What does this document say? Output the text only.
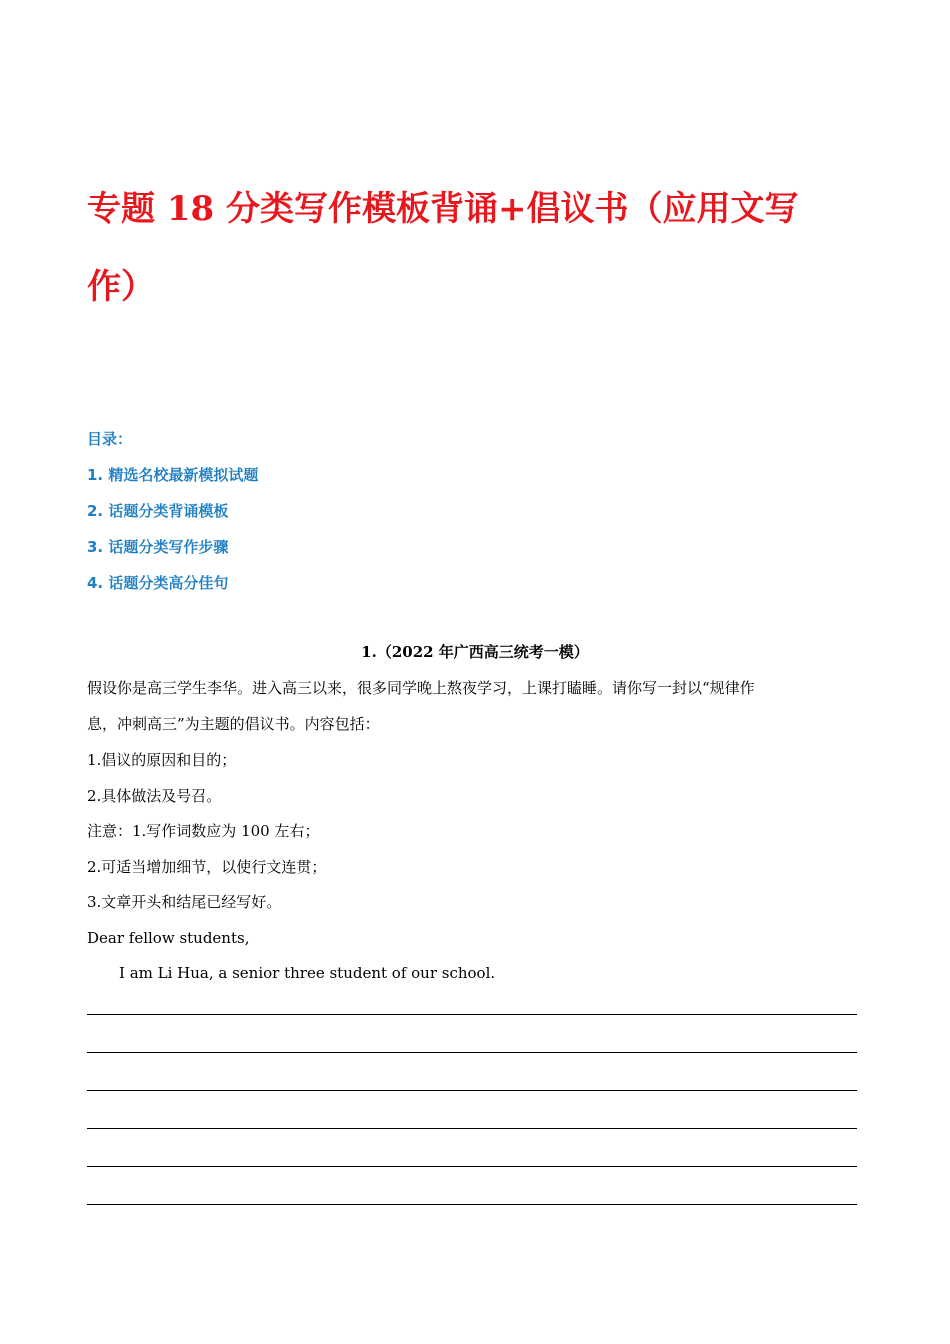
专题 18 分类写作模板背诵+倡议书（应用文写
作）
目录：
1. 精选名校最新模拟试题
2. 话题分类背诵模板
3. 话题分类写作步骤
4. 话题分类高分佳句

1.（2022 年广西高三统考一模）

假设你是高三学生李华。进入高三以来，很多同学晚上熬夜学习，上课打瞌睡。请你写一封以“规律作

息，冲刺高三”为主题的倡议书。内容包括：

1.倡议的原因和目的；

2.具体做法及号召。

注意：1.写作词数应为 100 左右；

2.可适当增加细节，以使行文连贯；

3.文章开头和结尾已经写好。

Dear fellow students,

I am Li Hua, a senior three student of our school.
